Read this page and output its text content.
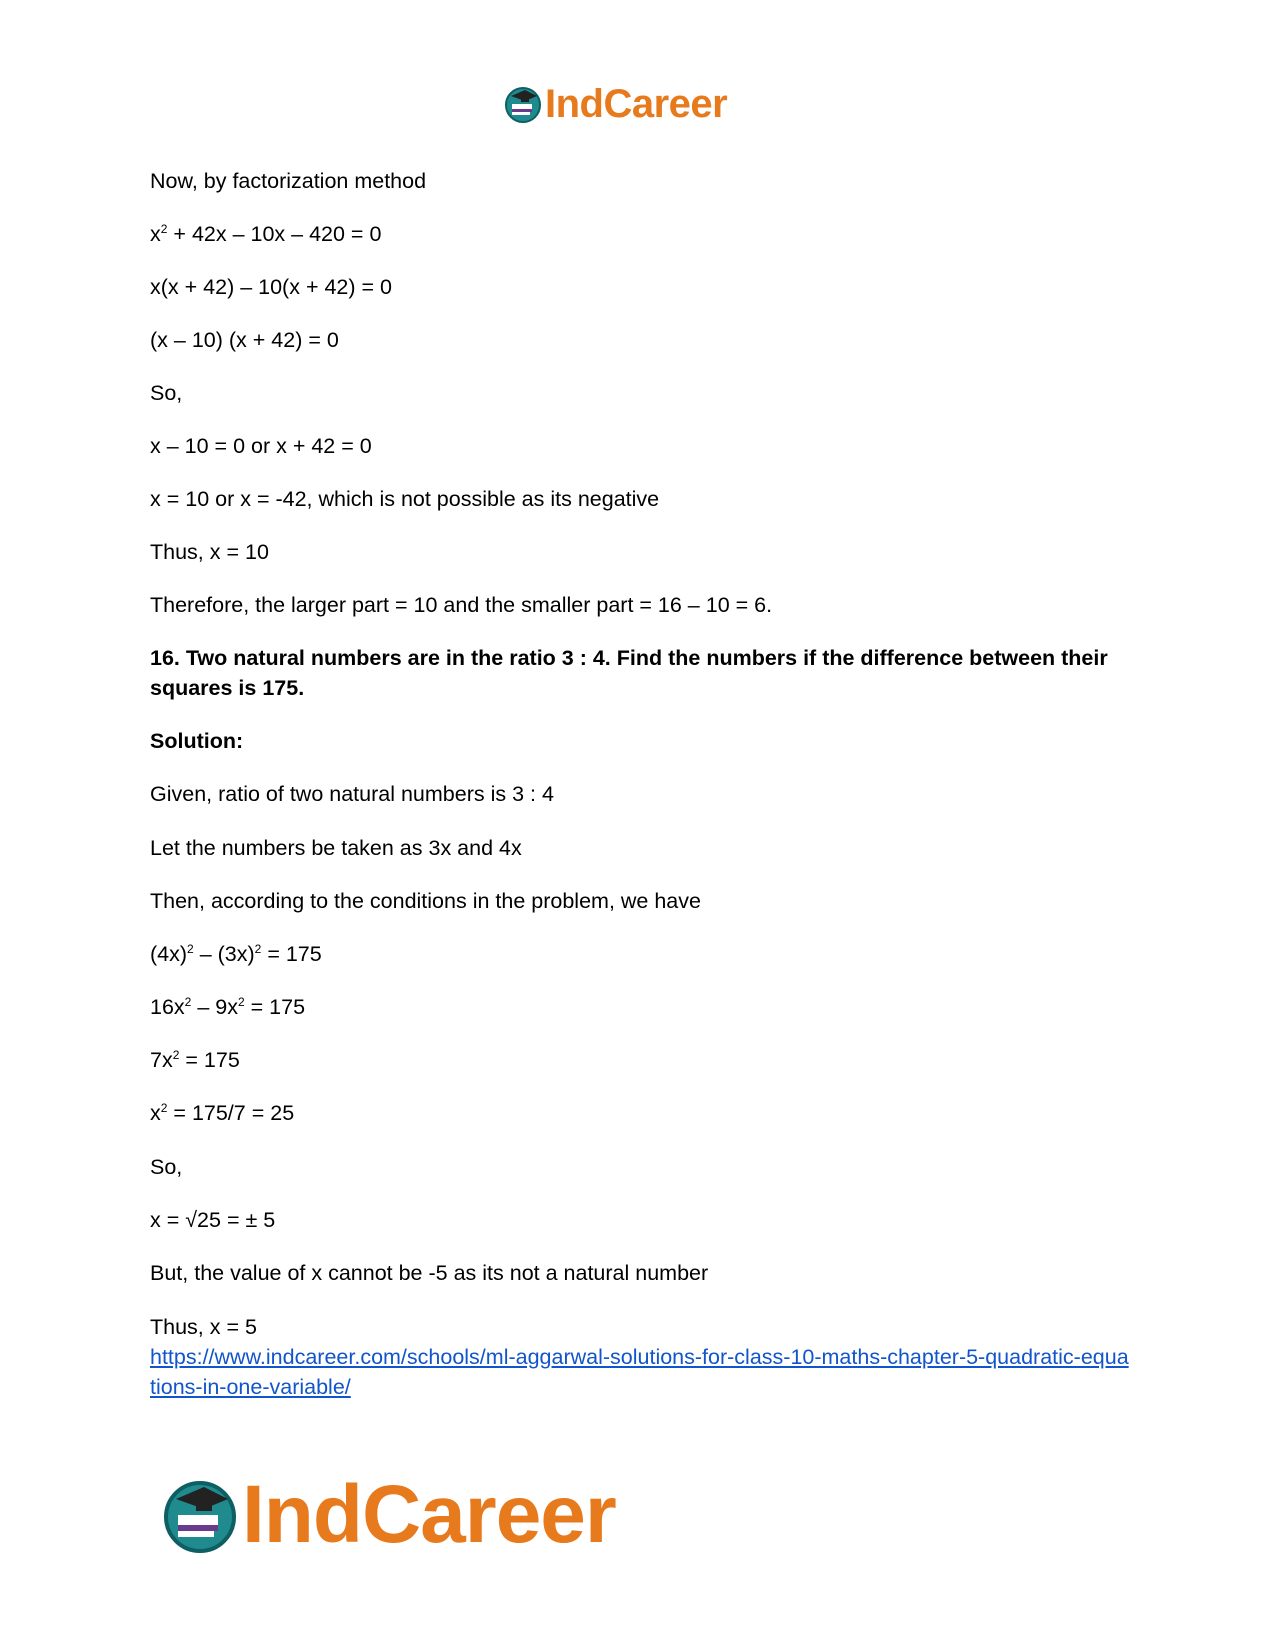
IndCareer
Now, by factorization method
$x^2 + 42x - 10x - 420 = 0$
x(x + 42) – 10(x + 42) = 0
(x – 10) (x + 42) = 0
So,
x – 10 = 0 or x + 42 = 0
x = 10 or x = -42, which is not possible as its negative
Thus, x = 10
Therefore, the larger part = 10 and the smaller part = 16 – 10 = 6.
16. Two natural numbers are in the ratio 3 : 4. Find the numbers if the difference between their squares is 175.
Solution:
Given, ratio of two natural numbers is 3 : 4
Let the numbers be taken as 3x and 4x
Then, according to the conditions in the problem, we have
$(4x)^2 - (3x)^2 = 175$
$16x^2 - 9x^2 = 175$
$7x^2 = 175$
$x^2 = 175/7 = 25$
So,
x = √25 = ± 5
But, the value of x cannot be -5 as its not a natural number
Thus, x = 5
https://www.indcareer.com/schools/ml-aggarwal-solutions-for-class-10-maths-chapter-5-quadratic-equations-in-one-variable/
IndCareer
